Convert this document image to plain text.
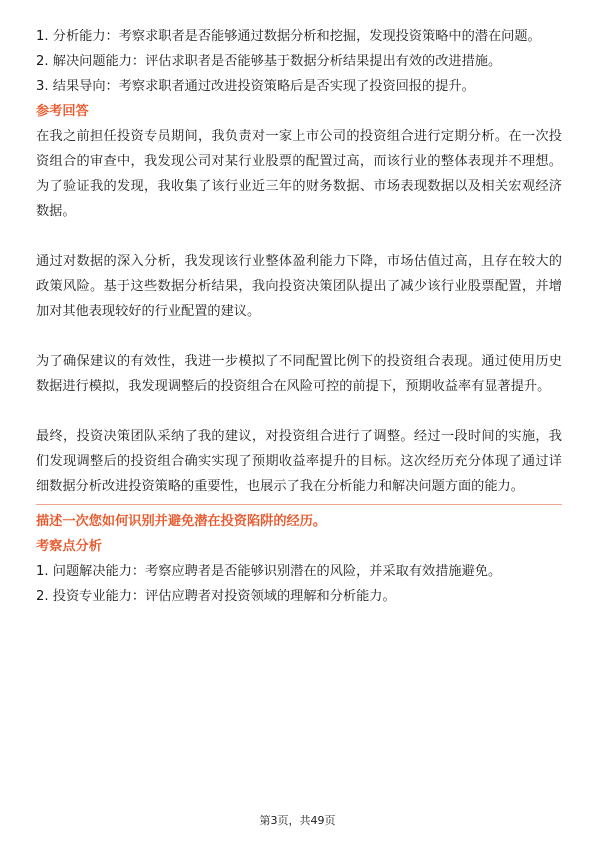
1. 分析能力：考察求职者是否能够通过数据分析和挖掘，发现投资策略中的潜在问题。

2. 解决问题能力：评估求职者是否能够基于数据分析结果提出有效的改进措施。

3. 结果导向：考察求职者通过改进投资策略后是否实现了投资回报的提升。

参考回答

在我之前担任投资专员期间，我负责对一家上市公司的投资组合进行定期分析。在一次投资组合的审查中，我发现公司对某行业股票的配置过高，而该行业的整体表现并不理想。为了验证我的发现，我收集了该行业近三年的财务数据、市场表现数据以及相关宏观经济数据。

通过对数据的深入分析，我发现该行业整体盈利能力下降，市场估值过高，且存在较大的政策风险。基于这些数据分析结果，我向投资决策团队提出了减少该行业股票配置，并增加对其他表现较好的行业配置的建议。

为了确保建议的有效性，我进一步模拟了不同配置比例下的投资组合表现。通过使用历史数据进行模拟，我发现调整后的投资组合在风险可控的前提下，预期收益率有显著提升。

最终，投资决策团队采纳了我的建议，对投资组合进行了调整。经过一段时间的实施，我们发现调整后的投资组合确实实现了预期收益率提升的目标。这次经历充分体现了通过详细数据分析改进投资策略的重要性，也展示了我在分析能力和解决问题方面的能力。

描述一次您如何识别并避免潜在投资陷阱的经历。

考察点分析

1. 问题解决能力：考察应聘者是否能够识别潜在的风险，并采取有效措施避免。

2. 投资专业能力：评估应聘者对投资领域的理解和分析能力。

第3页，共49页
